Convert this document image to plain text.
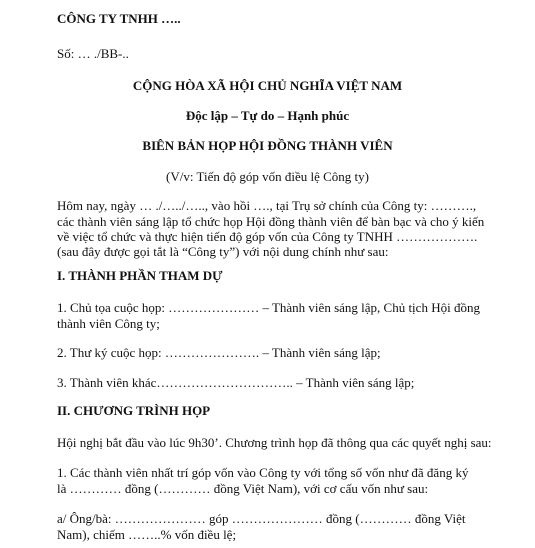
CÔNG TY TNHH …..
Số: … ./BB-..
CỘNG HÒA XÃ HỘI CHỦ NGHĨA VIỆT NAM
Độc lập – Tự do – Hạnh phúc
BIÊN BẢN HỌP HỘI ĐỒNG THÀNH VIÊN
(V/v: Tiến độ góp vốn điều lệ Công ty)
Hôm nay, ngày … ./…../….., vào hồi …., tại Trụ sở chính của Công ty: ……….,
các thành viên sáng lập tổ chức họp Hội đồng thành viên để bàn bạc và cho ý kiến
về việc tổ chức và thực hiện tiến độ góp vốn của Công ty TNHH ……………….
(sau đây được gọi tắt là “Công ty”) với nội dung chính như sau:
I. THÀNH PHẦN THAM DỰ
1. Chủ tọa cuộc họp: ………………… – Thành viên sáng lập, Chủ tịch Hội đồng
thành viên Công ty;
2. Thư ký cuộc họp: …………………. – Thành viên sáng lập;
3. Thành viên khác………………………….. – Thành viên sáng lập;
II. CHƯƠNG TRÌNH HỌP
Hội nghị bắt đầu vào lúc 9h30’. Chương trình họp đã thông qua các quyết nghị sau:
1. Các thành viên nhất trí góp vốn vào Công ty với tổng số vốn như đã đăng ký
là ………… đồng (………… đồng Việt Nam), với cơ cấu vốn như sau:
a/ Ông/bà: ………………… góp ………………… đồng (………… đồng Việt
Nam), chiếm ……..% vốn điều lệ;
